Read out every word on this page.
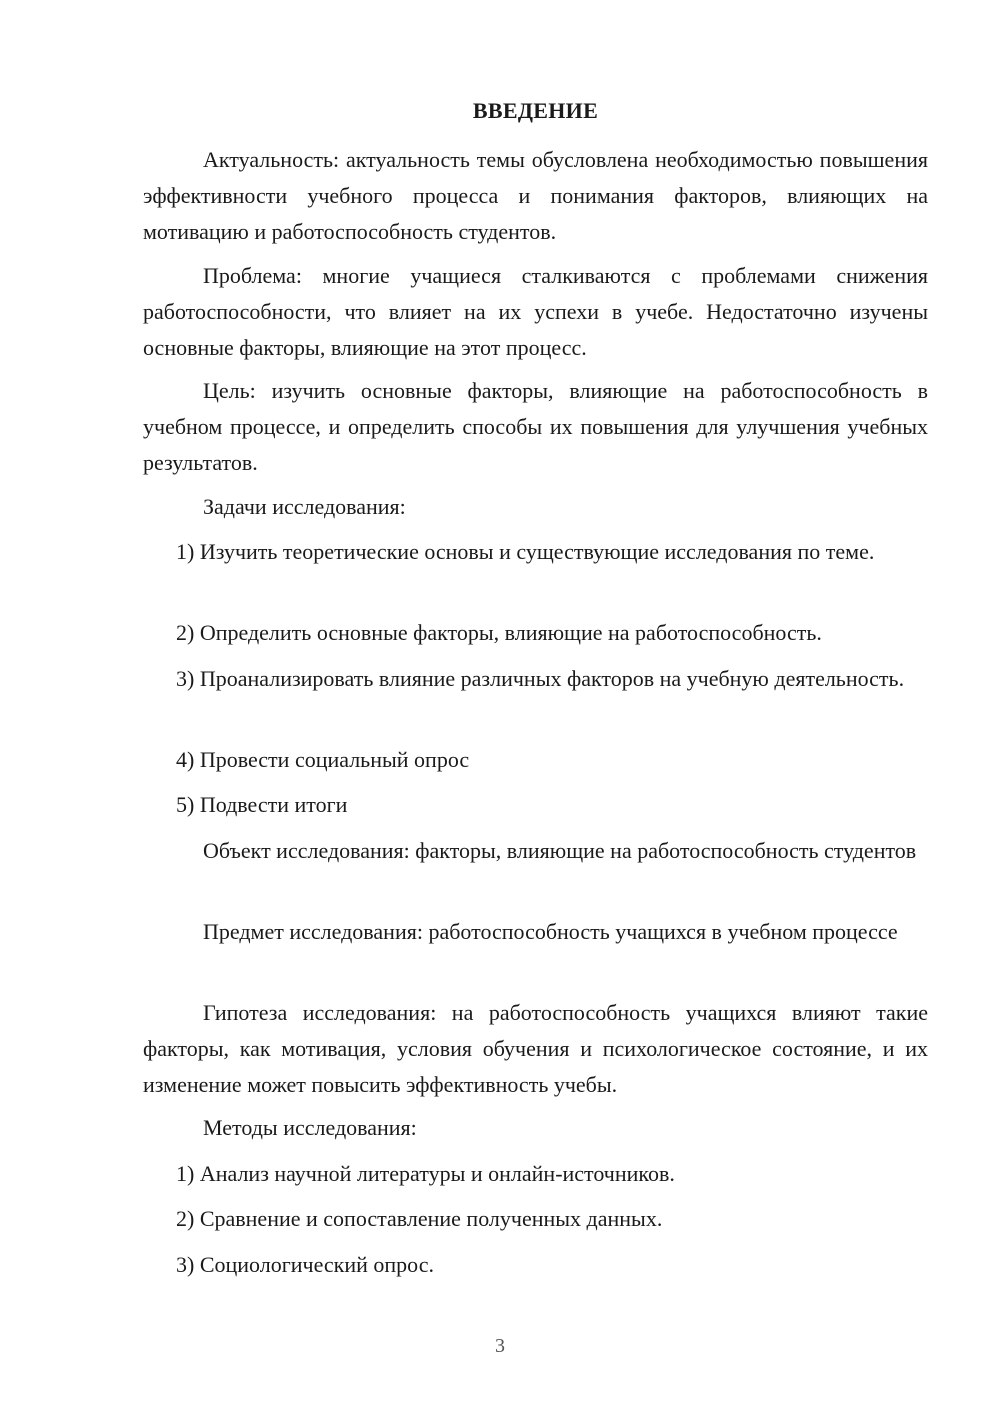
ВВЕДЕНИЕ

Актуальность: актуальность темы обусловлена необходимостью повышения эффективности учебного процесса и понимания факторов, влияющих на мотивацию и работоспособность студентов.

Проблема: многие учащиеся сталкиваются с проблемами снижения работоспособности, что влияет на их успехи в учебе. Недостаточно изучены основные факторы, влияющие на этот процесс.

Цель: изучить основные факторы, влияющие на работоспособность в учебном процессе, и определить способы их повышения для улучшения учебных результатов.

Задачи исследования:

1) Изучить теоретические основы и существующие исследования по теме.

2) Определить основные факторы, влияющие на работоспособность.

3) Проанализировать влияние различных факторов на учебную деятельность.

4) Провести социальный опрос

5) Подвести итоги

Объект исследования: факторы, влияющие на работоспособность студентов

Предмет исследования: работоспособность учащихся в учебном процессе

Гипотеза исследования: на работоспособность учащихся влияют такие факторы, как мотивация, условия обучения и психологическое состояние, и их изменение может повысить эффективность учебы.

Методы исследования:

1) Анализ научной литературы и онлайн-источников.

2) Сравнение и сопоставление полученных данных.

3) Социологический опрос.

3
